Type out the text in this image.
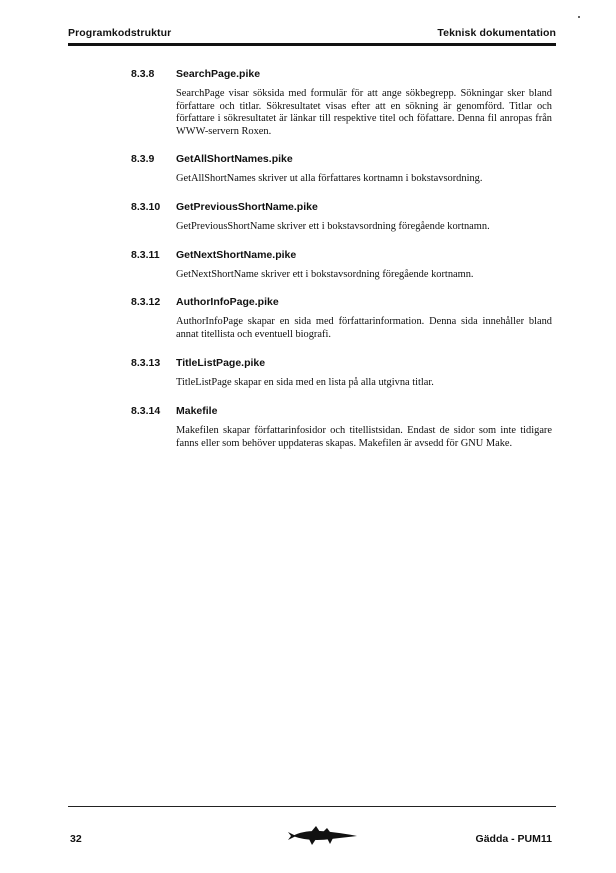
Programkodstruktur	Teknisk dokumentation
8.3.8 SearchPage.pike
SearchPage visar söksida med formulär för att ange sökbegrepp. Sökningar sker bland författare och titlar. Sökresultatet visas efter att en sökning är genomförd. Titlar och författare i sökresultatet är länkar till respektive titel och föfattare. Denna fil anropas från WWW-servern Roxen.
8.3.9 GetAllShortNames.pike
GetAllShortNames skriver ut alla författares kortnamn i bokstavsordning.
8.3.10 GetPreviousShortName.pike
GetPreviousShortName skriver ett i bokstavsordning föregående kortnamn.
8.3.11 GetNextShortName.pike
GetNextShortName skriver ett i bokstavsordning föregående kortnamn.
8.3.12 AuthorInfoPage.pike
AuthorInfoPage skapar en sida med författarinformation. Denna sida innehåller bland annat titellista och eventuell biografi.
8.3.13 TitleListPage.pike
TitleListPage skapar en sida med en lista på alla utgivna titlar.
8.3.14 Makefile
Makefilen skapar författarinfosidor och titellistsidan. Endast de sidor som inte tidigare fanns eller som behöver uppdateras skapas. Makefilen är avsedd för GNU Make.
32	Gädda - PUM11
